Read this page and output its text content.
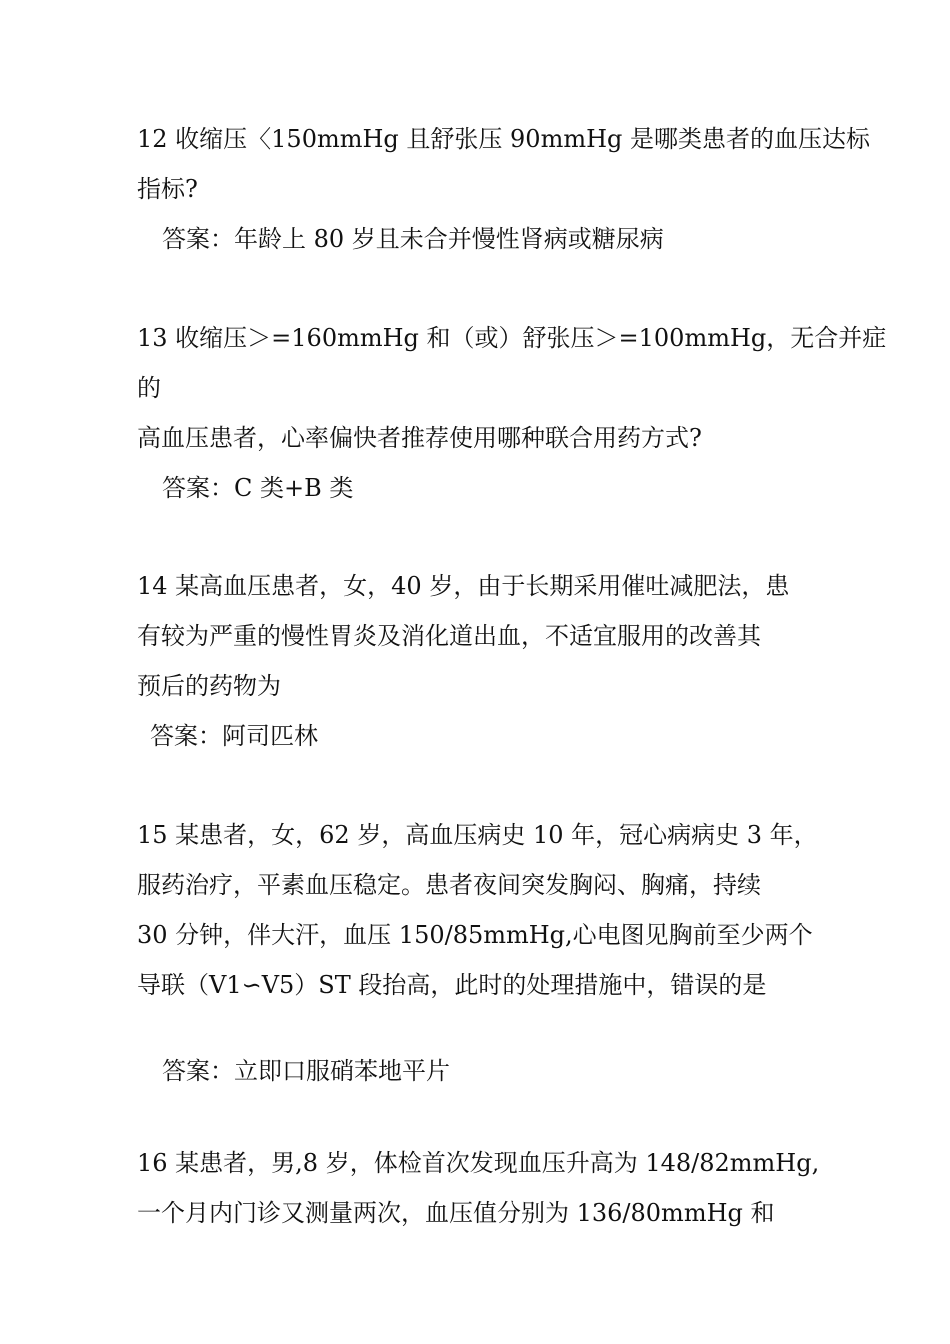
12 收缩压〈150mmHg 且舒张压 90mmHg 是哪类患者的血压达标
指标?
答案：年龄上 80 岁且未合并慢性肾病或糖尿病
13 收缩压＞=160mmHg 和（或）舒张压＞=100mmHg，无合并症
的
高血压患者，心率偏快者推荐使用哪种联合用药方式?
答案：C 类+B 类
14 某高血压患者，女，40 岁，由于长期采用催吐减肥法，患
有较为严重的慢性胃炎及消化道出血，不适宜服用的改善其
预后的药物为
答案：阿司匹林
15 某患者，女，62 岁，高血压病史 10 年，冠心病病史 3 年，
服药治疗，平素血压稳定。患者夜间突发胸闷、胸痛，持续
30 分钟，伴大汗，血压 150/85mmHg,心电图见胸前至少两个
导联（V1∽V5）ST 段抬高，此时的处理措施中，错误的是
答案：立即口服硝苯地平片
16 某患者，男,8 岁，体检首次发现血压升高为 148/82mmHg,
一个月内门诊又测量两次，血压值分别为 136/80mmHg 和
